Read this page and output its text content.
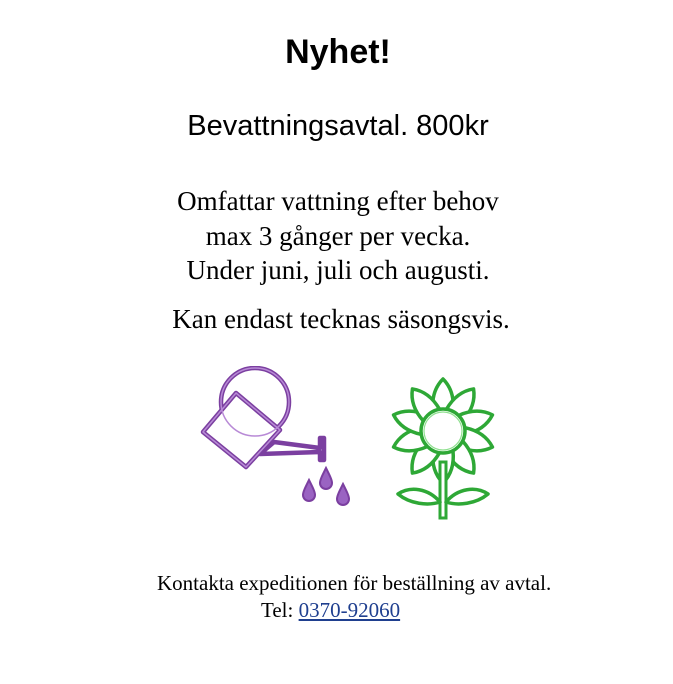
Nyhet!
Bevattningsavtal. 800kr
Omfattar vattning efter behov
max 3 gånger per vecka.
Under juni, juli och augusti.
Kan endast tecknas säsongsvis.
Kontakta expeditionen för beställning av avtal.
Tel: 0370-92060
